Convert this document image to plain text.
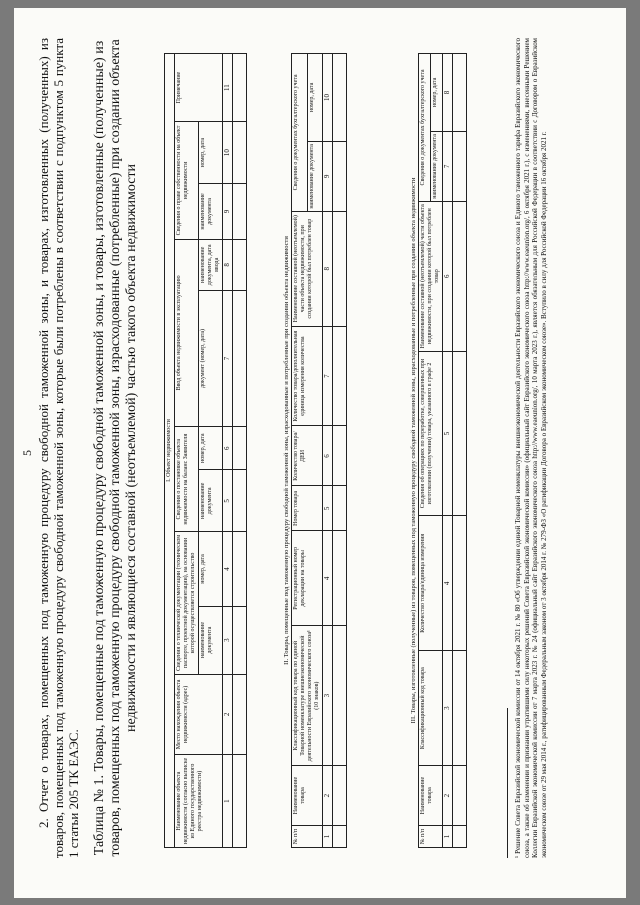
5 2. Отчет о товарах, помещенных под таможенную процедуру свободной таможенной зоны, и товарах, изготовленных (полученных) из товаров, помещенных под таможенную процедуру свободной таможенной зоны, которые были потреблены в соответствии с подпунктом 5 пункта 1 статьи 205 ТК ЕАЭС. Таблица № 1. Товары, помещенные под таможенную процедуру свободной таможенной зоны, и товары, изготовленные (полученные) из товаров, помещенных под таможенную процедуру свободной таможенной зоны, израсходованные (потребленные) при создании объекта недвижимости и являющиеся составной (неотъемлемой) частью такого объекта недвижимости	I. Объект недвижимости										
Наименование объекта недвижимости (согласно выписке из Единого государственного реестра недвижимости)	Место нахождения объекта недвижимости (адрес)	Сведения о технической документации (техническом паспорте, проектной документации), на основании которой осуществляется строительство		Сведения о постановке объекта недвижимости на баланс Заявителя		Ввод объекта недвижимости в эксплуатацию		Сведения о праве собственности на объект недвижимости		Примечание
		наименование документа	номер, дата	наименование документа	номер, дата	документ (номер, дата)	наименование документа, дата ввода	наименование документа	номер, дата	
1	2	3	4	5	6	7	8	9	10	11

II. Товары, помещенные под таможенную процедуру свободной таможенной зоны, израсходованные и потребленные при создании объекта недвижимости									
№ п/п	Наименование товара	Классификационный код товара по единой Товарной номенклатуре внешнеэкономической деятельности Евразийского экономического союза¹ (10 знаков)	Регистрационный номер декларации на товары	Номер товара	Количество товара/ДЕИ	Количество товара/дополнительная единица измерения количества	Наименование составной (неотъемлемой) части объекта недвижимости, при создании которой был потреблен товар	Сведения о документах бухгалтерского учета	
								наименование документа	номер, дата
1	2	3	4	5	6	7	8	9	10

III. Товары, изготовленные (полученные) из товаров, помещенных под таможенную процедуру свободной таможенной зоны, израсходованные и потребленные при создании объекта недвижимости							
№ п/п	Наименование товара	Классификационный код товара	Количество товара/единица измерения	Сведения об операциях по переработке, совершенных при изготовлении (получении) товара, указанного в графе 2	Наименование составной (неотъемлемой) части объекта недвижимости, при создании которой был потреблен товар	Сведения о документах бухгалтерского учета	
						наименование документа	номер, дата
1	2	3	4	5	6	7	8
								¹ Решение Совета Евразийской экономической комиссии от 14 октября 2021 г. № 80 «Об утверждении единой Товарной номенклатуры внешнеэкономической деятельности Евразийского экономического союза и Единого таможенного тарифа Евразийского экономического союза, а также об изменении и признании утратившими силу некоторых решений Совета Евразийской экономической комиссии» (официальный сайт Евразийского экономического союза http://www.eaeunion.org/, 6 октября 2021 г.), с изменениями, внесенными Решением Коллегии Евразийской экономической комиссии от 7 марта 2023 г. № 24 (официальный сайт Евразийского экономического союза http://www.eaeunion.org/, 10 марта 2023 г.), является обязательным для Российской Федерации в соответствии с Договором о Евразийском экономическом союзе от 29 мая 2014 г., ратифицированным Федеральным законом от 3 октября 2014 г. № 279-ФЗ «О ратификации Договора о Евразийском экономическом союзе». Вступило в силу для Российской Федерации 16 октября 2021 г.
